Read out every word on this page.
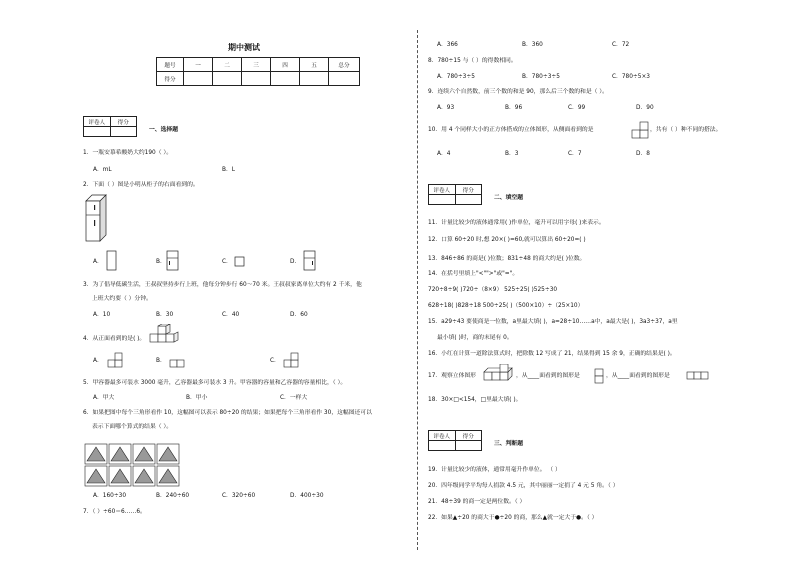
期中测试
题号	一	二	三	四	五	总分
得分						
评卷人	得分

一、选择题
1．一瓶安慕希酸奶大约190（ ）。
A．mL	B．L
2．下面（ ）图是小明从柜子的右面看到的。
A．	B．	C．	D．
3．为了倡导低碳生活，王叔叔坚持步行上班，他每分钟步行 60～70 米。王叔叔家离单位大约有 2 千米，他
上班大约要（ ）分钟。
A．10	B．30	C．40	D．60
4．从正面看到的是( )。
A．	B．	C．
5．甲容器最多可装水 3000 毫升，乙容器最多可装水 3 升。甲容器的容量和乙容器的容量相比，（ ）。
A．甲大	B．甲小	C．一样大
6．如果把图中每个三角形看作 10，这幅图可以表示 80÷20 的结果；如果把每个三角形看作 30，这幅图还可以
表示下面哪个算式的结果（ ）。
A．160÷30	B．240÷60	C．320÷60	D．400÷30
7．（ ）÷60＝6……6。
A．366	B．360	C．72
8．780÷15 与（ ）的得数相同。
A．780÷3÷5	B．780÷3÷5	C．780÷5×3
9．连续六个自然数，前三个数的和是 90，那么后三个数的和是（ ）。
A．93	B．96	C．99	D．90
10．用 4 个同样大小的正方体搭成的立体图形，从侧面看到的是	，共有（ ）种不同的搭法。
A．4	B．3	C．7	D．8
评卷人	得分

二、填空题
11．计量比较少的液体通常用( )作单位，毫升可以用字母( )来表示。
12．口算 60÷20 时,想 20×( )=60,就可以算出 60÷20=( )
13．846÷86 的商是( )位数；831÷48 的商大约是( )位数。
14．在括号里填上"<"">"或"="。
720÷8÷9( )720÷（8×9） 525÷25( )525÷30
628÷18( )828÷18 500÷25( )（500×10）÷（25×10）
15．a29÷43 要使商是一位数，a里最大填( )，a=28÷10……a中，a最大是( )，3a3÷37，a里
最小填( )时，商的末尾有 0。
16．小红在计算一道除法算式时，把除数 12 写成了 21，结果得到 15 余 9，正确的结果是( )。
17．观察立体图形	，从____面看到的图形是	，从____面看到的图形是
18．30×□<154，□里最大填( )。
评卷人	得分

三、判断题
19．计量比较少的液体，通常用毫升作单位。 （ ）
20．四年级同学平均每人捐款 4.5 元，其中丽丽一定捐了 4 元 5 角。（ ）
21．48÷39 的商一定是两位数。（ ）
22．如果▲÷20 的商大于●÷20 的商，那么▲就一定大于●。（ ）
